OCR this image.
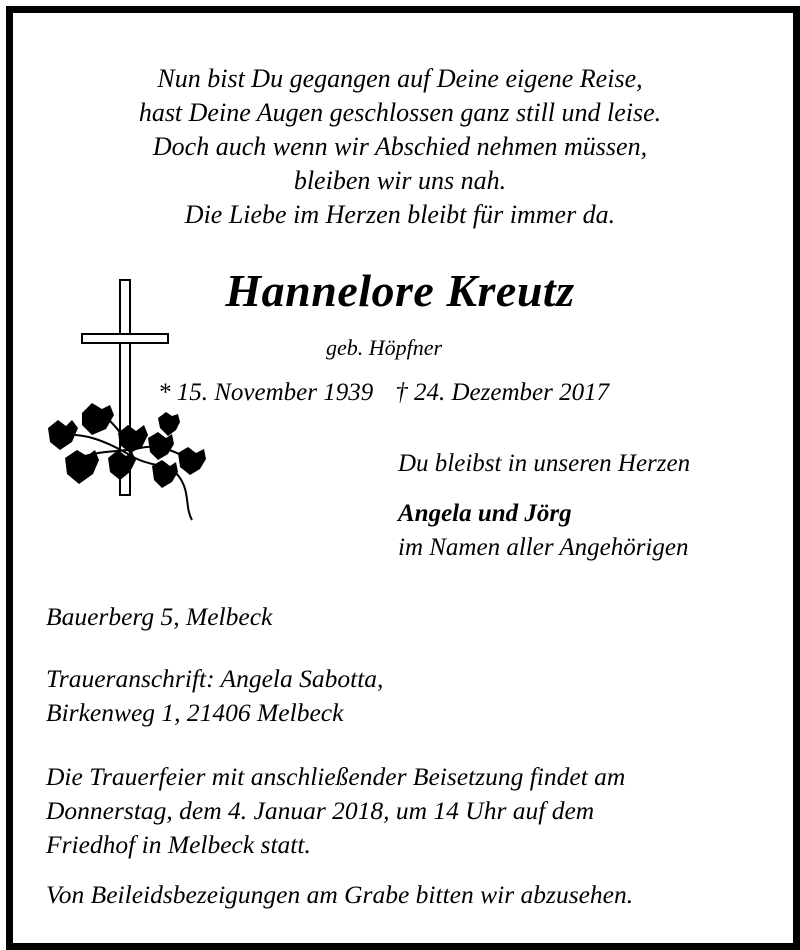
Nun bist Du gegangen auf Deine eigene Reise,
hast Deine Augen geschlossen ganz still und leise.
Doch auch wenn wir Abschied nehmen müssen,
bleiben wir uns nah.
Die Liebe im Herzen bleibt für immer da.
Hannelore Kreutz
geb. Höpfner
* 15. November 1939 † 24. Dezember 2017
Du bleibst in unseren Herzen
Angela und Jörg
im Namen aller Angehörigen
Bauerberg 5, Melbeck
Traueranschrift: Angela Sabotta,
Birkenweg 1, 21406 Melbeck
Die Trauerfeier mit anschließender Beisetzung findet am
Donnerstag, dem 4. Januar 2018, um 14 Uhr auf dem
Friedhof in Melbeck statt.
Von Beileidsbezeigungen am Grabe bitten wir abzusehen.
